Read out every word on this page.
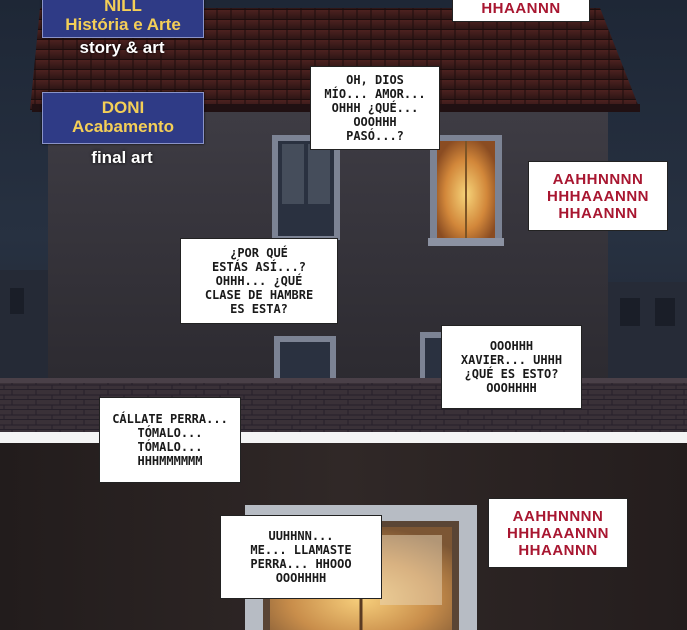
NILL
História e Arte
story & art
DONI
Acabamento
final art
HHAANNN
OH, DIOS
MÍO... AMOR...
OHHH ¿QUÉ...
OOOHHH
PASÓ...?
AAHHNNNN
HHHAAANNN
HHAANNN
¿POR QUÉ
ESTÁS ASÍ...?
OHHH... ¿QUÉ
CLASE DE HAMBRE
ES ESTA?
OOOHHH
XAVIER... UHHH
¿QUÉ ES ESTO?
OOOHHHH
CÁLLATE PERRA...
TÓMALO...
TÓMALO...
HHHMMMMMM
AAHHNNNN
HHHAAANNN
HHAANNN
UUHHNN...
ME... LLAMASTE
PERRA... HHOOO
OOOHHHH
